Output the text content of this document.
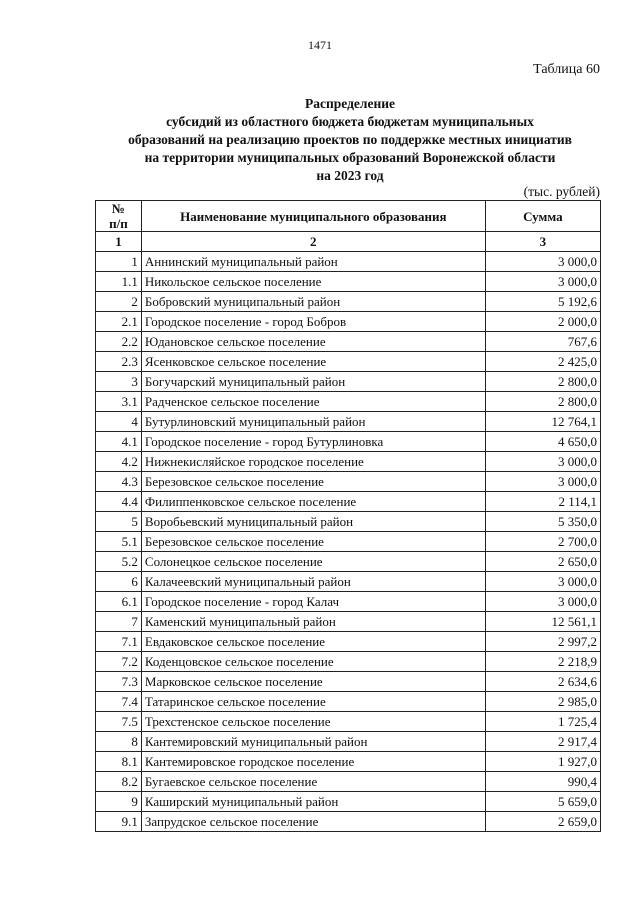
1471
Таблица 60
Распределение
субсидий из областного бюджета бюджетам муниципальных
образований на реализацию проектов по поддержке местных инициатив
на территории муниципальных образований Воронежской области
на 2023 год
(тыс. рублей)
№
п/п	Наименование муниципального образования	Сумма
1	2	3
1	Аннинский муниципальный район	3 000,0
1.1	Никольское сельское поселение	3 000,0
2	Бобровский муниципальный район	5 192,6
2.1	Городское поселение - город Бобров	2 000,0
2.2	Юдановское сельское поселение	767,6
2.3	Ясенковское сельское поселение	2 425,0
3	Богучарский муниципальный район	2 800,0
3.1	Радченское сельское поселение	2 800,0
4	Бутурлиновский муниципальный район	12 764,1
4.1	Городское поселение - город Бутурлиновка	4 650,0
4.2	Нижнекисляйское городское поселение	3 000,0
4.3	Березовское сельское поселение	3 000,0
4.4	Филиппенковское сельское поселение	2 114,1
5	Воробьевский муниципальный район	5 350,0
5.1	Березовское сельское поселение	2 700,0
5.2	Солонецкое сельское поселение	2 650,0
6	Калачеевский муниципальный район	3 000,0
6.1	Городское поселение - город Калач	3 000,0
7	Каменский муниципальный район	12 561,1
7.1	Евдаковское сельское поселение	2 997,2
7.2	Коденцовское сельское поселение	2 218,9
7.3	Марковское сельское поселение	2 634,6
7.4	Татаринское сельское поселение	2 985,0
7.5	Трехстенское сельское поселение	1 725,4
8	Кантемировский муниципальный район	2 917,4
8.1	Кантемировское городское поселение	1 927,0
8.2	Бугаевское сельское поселение	990,4
9	Каширский муниципальный район	5 659,0
9.1	Запрудское сельское поселение	2 659,0
